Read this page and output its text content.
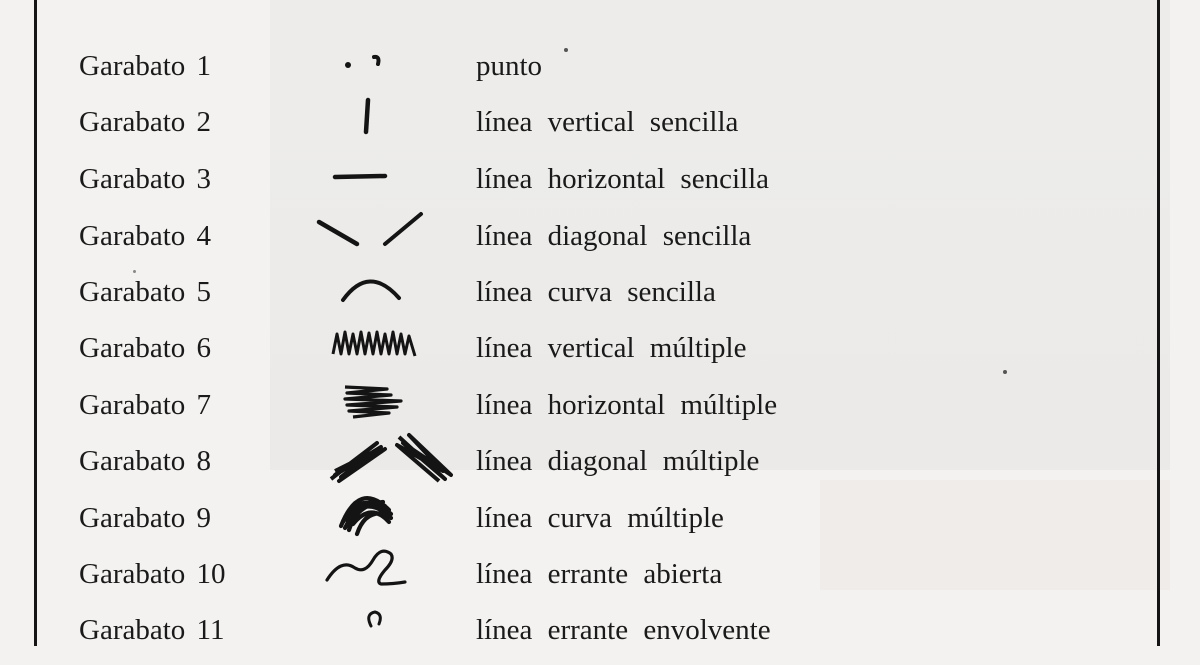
Garabato 1	punto
Garabato 2	línea vertical sencilla
Garabato 3	línea horizontal sencilla
Garabato 4	línea diagonal sencilla
Garabato 5	línea curva sencilla
Garabato 6	línea vertical múltiple
Garabato 7	línea horizontal múltiple
Garabato 8	línea diagonal múltiple
Garabato 9	línea curva múltiple
Garabato 10	línea errante abierta
Garabato 11	línea errante envolvente
